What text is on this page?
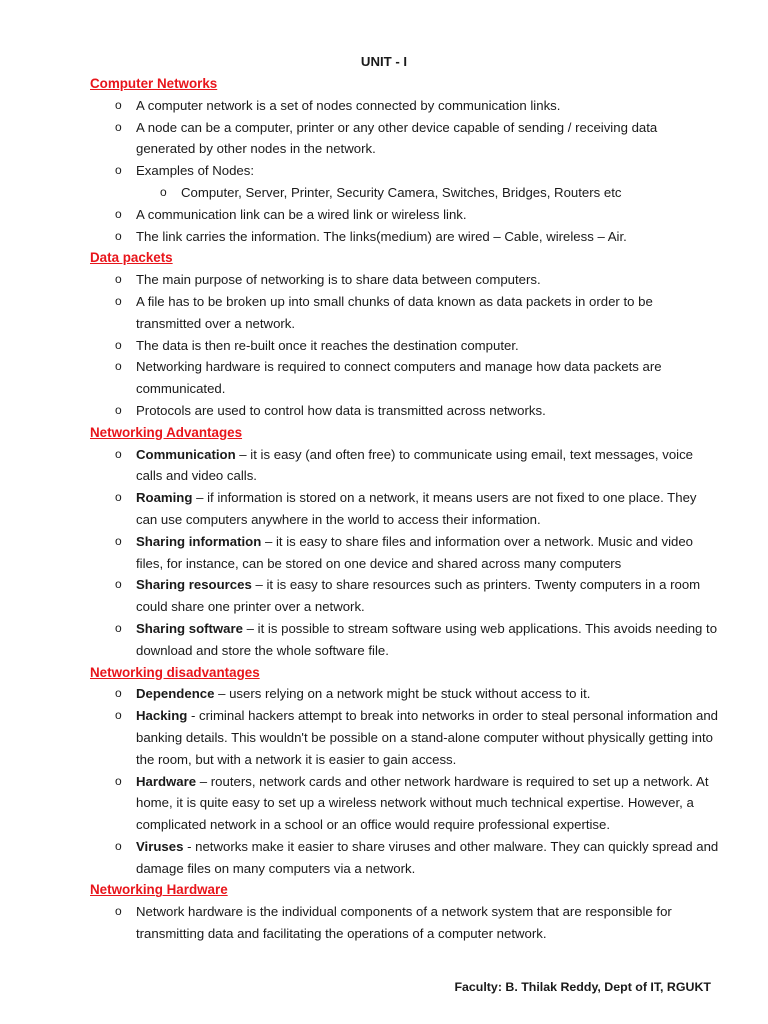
UNIT - I
Computer Networks
o A computer network is a set of nodes connected by communication links.
o A node can be a computer, printer or any other device capable of sending / receiving data generated by other nodes in the network.
o Examples of Nodes:
o Computer, Server, Printer, Security Camera, Switches, Bridges, Routers etc
o A communication link can be a wired link or wireless link.
o The link carries the information. The links(medium) are wired – Cable, wireless – Air.
Data packets
o The main purpose of networking is to share data between computers.
o A file has to be broken up into small chunks of data known as data packets in order to be transmitted over a network.
o The data is then re-built once it reaches the destination computer.
o Networking hardware is required to connect computers and manage how data packets are communicated.
o Protocols are used to control how data is transmitted across networks.
Networking Advantages
o Communication – it is easy (and often free) to communicate using email, text messages, voice calls and video calls.
o Roaming – if information is stored on a network, it means users are not fixed to one place. They can use computers anywhere in the world to access their information.
o Sharing information – it is easy to share files and information over a network. Music and video files, for instance, can be stored on one device and shared across many computers
o Sharing resources – it is easy to share resources such as printers. Twenty computers in a room could share one printer over a network.
o Sharing software – it is possible to stream software using web applications. This avoids needing to download and store the whole software file.
Networking disadvantages
o Dependence – users relying on a network might be stuck without access to it.
o Hacking - criminal hackers attempt to break into networks in order to steal personal information and banking details. This wouldn't be possible on a stand-alone computer without physically getting into the room, but with a network it is easier to gain access.
o Hardware – routers, network cards and other network hardware is required to set up a network. At home, it is quite easy to set up a wireless network without much technical expertise. However, a complicated network in a school or an office would require professional expertise.
o Viruses - networks make it easier to share viruses and other malware. They can quickly spread and damage files on many computers via a network.
Networking Hardware
o Network hardware is the individual components of a network system that are responsible for transmitting data and facilitating the operations of a computer network.
Faculty: B. Thilak Reddy, Dept of IT, RGUKT
